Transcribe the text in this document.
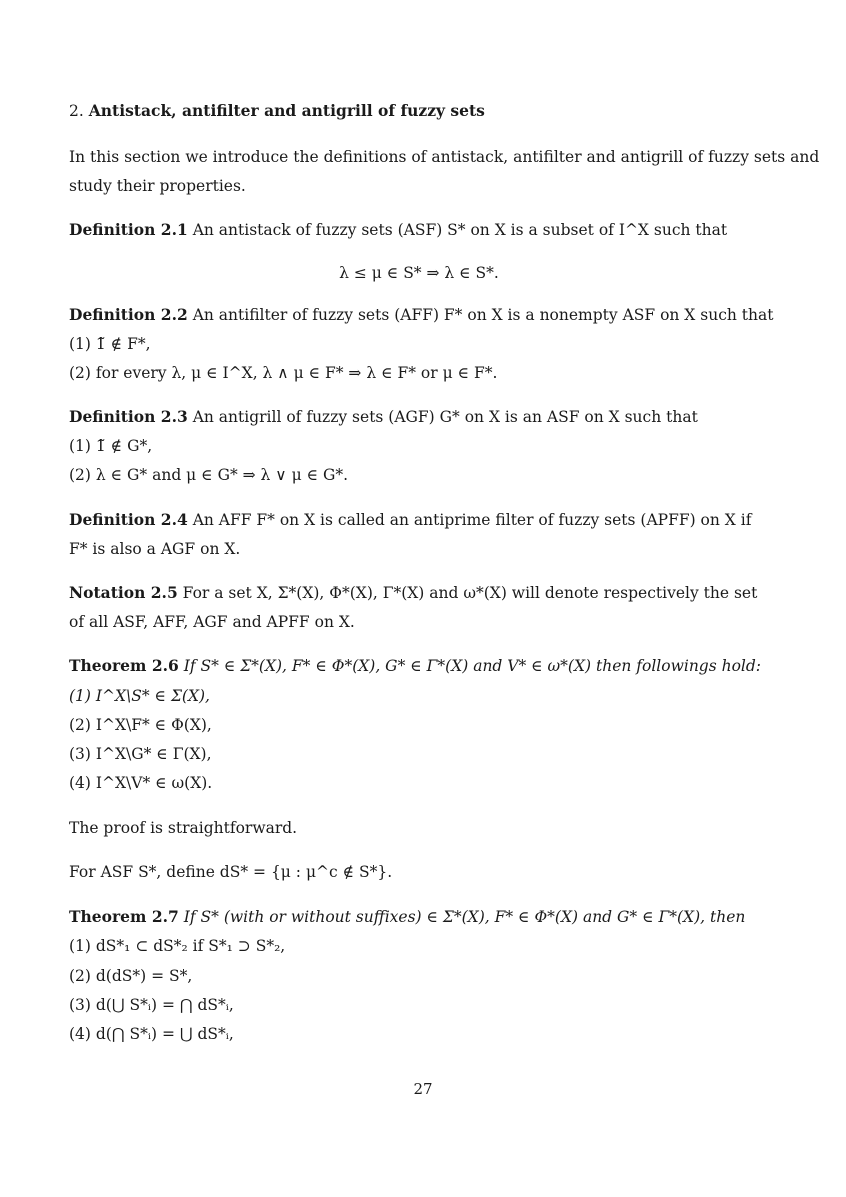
2. Antistack, antifilter and antigrill of fuzzy sets
In this section we introduce the definitions of antistack, antifilter and antigrill of fuzzy sets and
study their properties.
Definition 2.1 An antistack of fuzzy sets (ASF) S* on X is a subset of I^X such that
λ ≤ μ ∈ S* ⇒ λ ∈ S*.
Definition 2.2 An antifilter of fuzzy sets (AFF) F* on X is a nonempty ASF on X such that
(1) 1̃ ∉ F*,
(2) for every λ, μ ∈ I^X, λ ∧ μ ∈ F* ⇒ λ ∈ F* or μ ∈ F*.
Definition 2.3 An antigrill of fuzzy sets (AGF) G* on X is an ASF on X such that
(1) 1̃ ∉ G*,
(2) λ ∈ G* and μ ∈ G* ⇒ λ ∨ μ ∈ G*.
Definition 2.4 An AFF F* on X is called an antiprime filter of fuzzy sets (APFF) on X if
F* is also a AGF on X.
Notation 2.5 For a set X, Σ*(X), Φ*(X), Γ*(X) and ω*(X) will denote respectively the set
of all ASF, AFF, AGF and APFF on X.
Theorem 2.6 If S* ∈ Σ*(X), F* ∈ Φ*(X), G* ∈ Γ*(X) and V* ∈ ω*(X) then followings hold:
(1) I^X\S* ∈ Σ(X),
(2) I^X\F* ∈ Φ(X),
(3) I^X\G* ∈ Γ(X),
(4) I^X\V* ∈ ω(X).
The proof is straightforward.
For ASF S*, define dS* = {μ : μ^c ∉ S*}.
Theorem 2.7 If S* (with or without suffixes) ∈ Σ*(X), F* ∈ Φ*(X) and G* ∈ Γ*(X), then
(1) dS*₁ ⊂ dS*₂ if S*₁ ⊃ S*₂,
(2) d(dS*) = S*,
(3) d(⋃ S*ᵢ) = ⋂ dS*ᵢ,
(4) d(⋂ S*ᵢ) = ⋃ dS*ᵢ,
27
